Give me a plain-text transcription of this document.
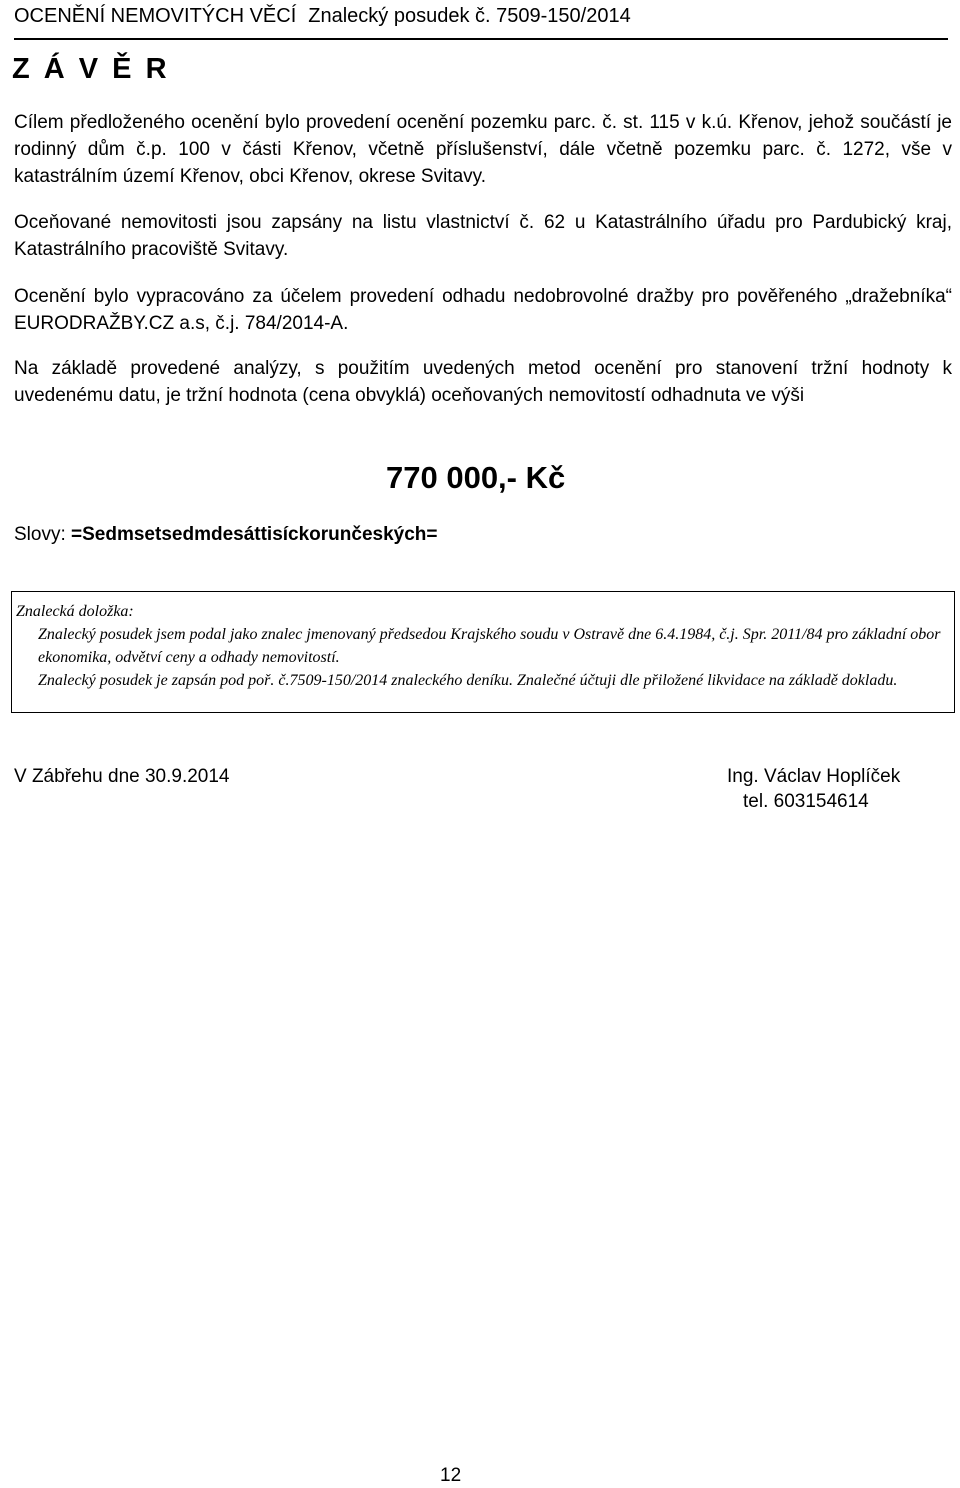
OCENĚNÍ NEMOVITÝCH VĚCÍ Znalecký posudek č. 7509-150/2014
Z Á V Ě R

Cílem předloženého ocenění bylo provedení ocenění pozemku parc. č. st. 115 v k.ú. Křenov, jehož součástí je rodinný dům č.p. 100 v části Křenov, včetně příslušenství, dále včetně pozemku parc. č. 1272, vše v katastrálním území Křenov, obci Křenov, okrese Svitavy.

Oceňované nemovitosti jsou zapsány na listu vlastnictví č. 62 u Katastrálního úřadu pro Pardubický kraj, Katastrálního pracoviště Svitavy.

Ocenění bylo vypracováno za účelem provedení odhadu nedobrovolné dražby pro pověřeného „dražebníka“ EURODRAŽBY.CZ a.s, č.j. 784/2014-A.

Na základě provedené analýzy, s použitím uvedených metod ocenění pro stanovení tržní hodnoty k uvedenému datu, je tržní hodnota (cena obvyklá) oceňovaných nemovitostí odhadnuta ve výši

770 000,- Kč
Slovy: =Sedmsetsedmdesáttisíckorunčeských=

Znalecká doložka:

Znalecký posudek jsem podal jako znalec jmenovaný předsedou Krajského soudu v Ostravě dne 6.4.1984, č.j. Spr. 2011/84 pro základní obor ekonomika, odvětví ceny a odhady nemovitostí.

Znalecký posudek je zapsán pod poř. č.7509-150/2014 znaleckého deníku. Znalečné účtuji dle přiložené likvidace na základě dokladu.

V Zábřehu dne 30.9.2014	Ing. Václav Hoplíček
tel. 603154614
12
